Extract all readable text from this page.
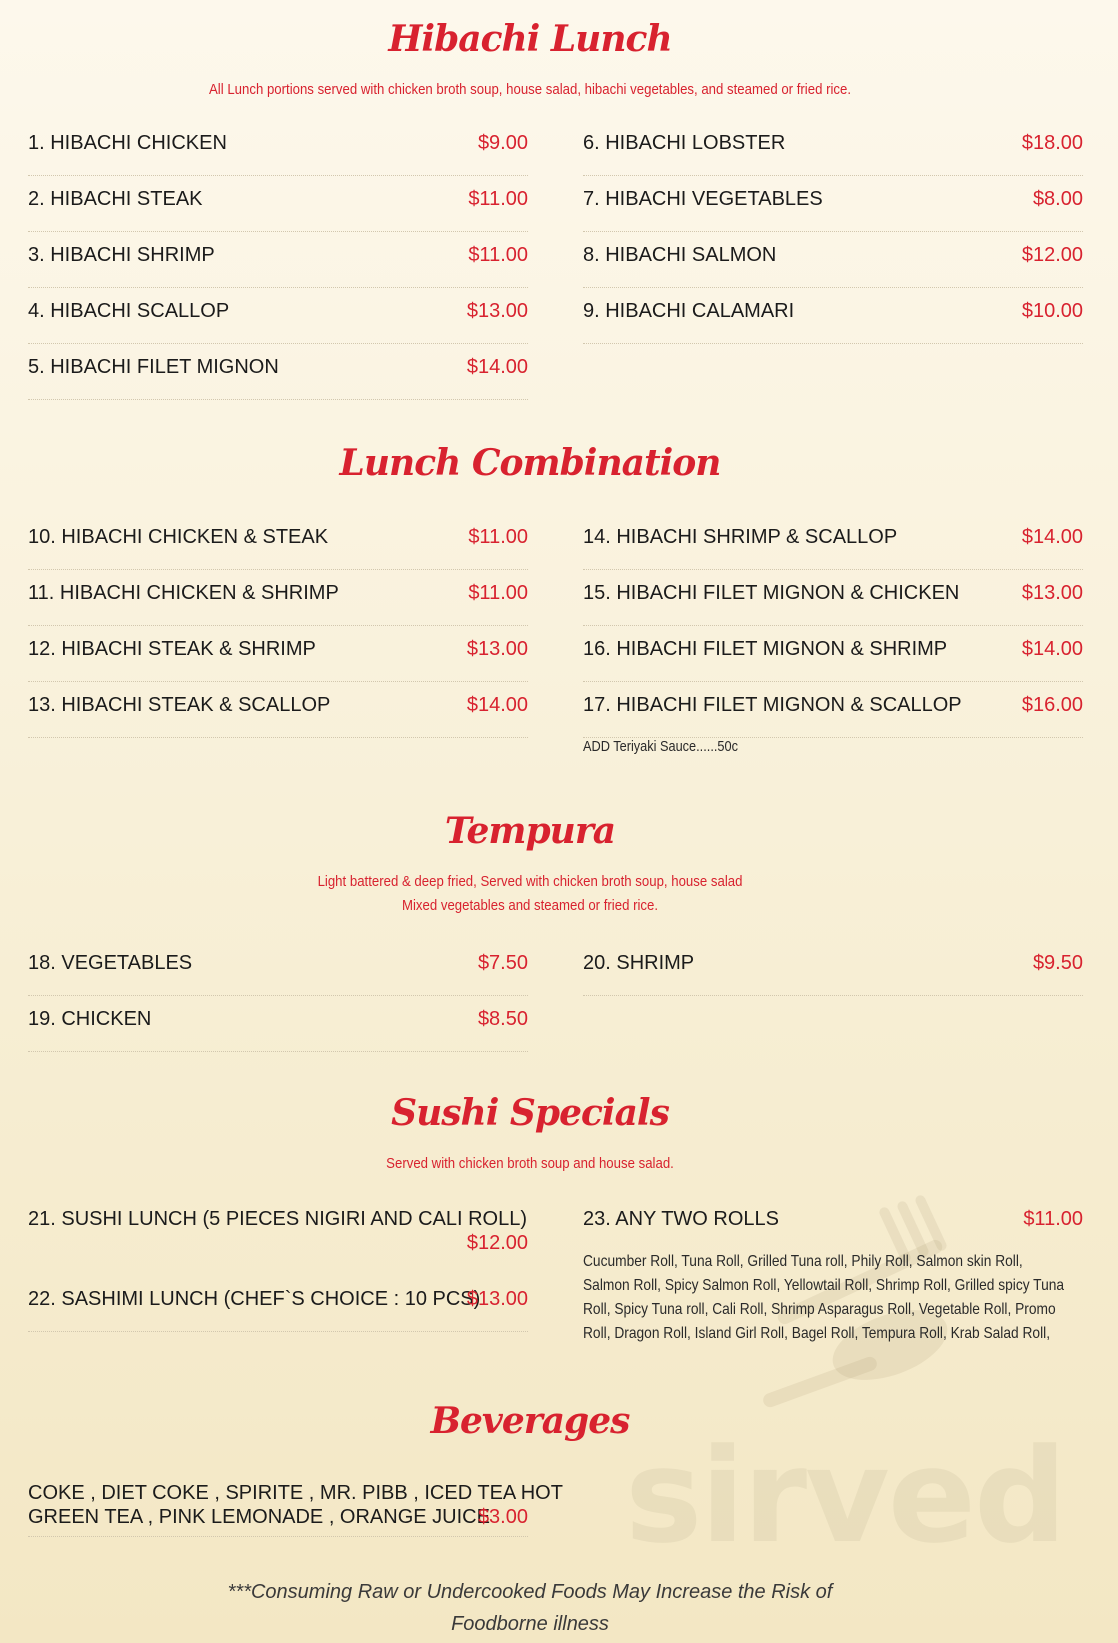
sirved
Hibachi Lunch
All Lunch portions served with chicken broth soup, house salad, hibachi vegetables, and steamed or fried rice.
1. HIBACHI CHICKEN	$9.00
2. HIBACHI STEAK	$11.00
3. HIBACHI SHRIMP	$11.00
4. HIBACHI SCALLOP	$13.00
5. HIBACHI FILET MIGNON	$14.00
6. HIBACHI LOBSTER	$18.00
7. HIBACHI VEGETABLES	$8.00
8. HIBACHI SALMON	$12.00
9. HIBACHI CALAMARI	$10.00
Lunch Combination
10. HIBACHI CHICKEN & STEAK	$11.00
11. HIBACHI CHICKEN & SHRIMP	$11.00
12. HIBACHI STEAK & SHRIMP	$13.00
13. HIBACHI STEAK & SCALLOP	$14.00
14. HIBACHI SHRIMP & SCALLOP	$14.00
15. HIBACHI FILET MIGNON & CHICKEN	$13.00
16. HIBACHI FILET MIGNON & SHRIMP	$14.00
17. HIBACHI FILET MIGNON & SCALLOP	$16.00
ADD Teriyaki Sauce......50c
Tempura
Light battered & deep fried, Served with chicken broth soup, house salad
Mixed vegetables and steamed or fried rice.
18. VEGETABLES	$7.50
19. CHICKEN	$8.50
20. SHRIMP	$9.50
Sushi Specials
Served with chicken broth soup and house salad.
21. SUSHI LUNCH (5 PIECES NIGIRI AND CALI ROLL)
$12.00
22. SASHIMI LUNCH (CHEF`S CHOICE : 10 PCS)
$13.00
23. ANY TWO ROLLS	$11.00
Cucumber Roll, Tuna Roll, Grilled Tuna roll, Phily Roll, Salmon skin Roll, Salmon Roll, Spicy Salmon Roll, Yellowtail Roll, Shrimp Roll, Grilled spicy Tuna Roll, Spicy Tuna roll, Cali Roll, Shrimp Asparagus Roll, Vegetable Roll, Promo Roll, Dragon Roll, Island Girl Roll, Bagel Roll, Tempura Roll, Krab Salad Roll,
Beverages
COKE , DIET COKE , SPIRITE , MR. PIBB , ICED TEA HOT
GREEN TEA , PINK LEMONADE , ORANGE JUICE
$3.00
***Consuming Raw or Undercooked Foods May Increase the Risk of
Foodborne illness
